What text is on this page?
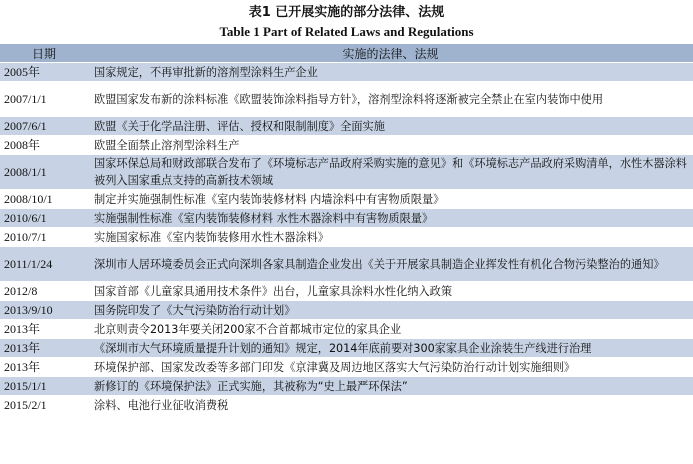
表1 已开展实施的部分法律、法规
Table 1 Part of Related Laws and Regulations
日期	实施的法律、法规
2005年	国家规定，不再审批新的溶剂型涂料生产企业
2007/1/1	欧盟国家发布新的涂料标准《欧盟装饰涂料指导方针》，溶剂型涂料将逐渐被完全禁止在室内装饰中使用
2007/6/1	欧盟《关于化学品注册、评估、授权和限制制度》全面实施
2008年	欧盟全面禁止溶剂型涂料生产
2008/1/1	国家环保总局和财政部联合发布了《环境标志产品政府采购实施的意见》和《环境标志产品政府采购清单，水性木器涂料被列入国家重点支持的高新技术领域
2008/10/1	制定并实施强制性标准《室内装饰装修材料 内墙涂料中有害物质限量》
2010/6/1	实施强制性标准《室内装饰装修材料 水性木器涂料中有害物质限量》
2010/7/1	实施国家标准《室内装饰装修用水性木器涂料》
2011/1/24	深圳市人居环境委员会正式向深圳各家具制造企业发出《关于开展家具制造企业挥发性有机化合物污染整治的通知》
2012/8	国家首部《儿童家具通用技术条件》出台，儿童家具涂料水性化纳入政策
2013/9/10	国务院印发了《大气污染防治行动计划》
2013年	北京则责令2013年要关闭200家不合首都城市定位的家具企业
2013年	《深圳市大气环境质量提升计划的通知》规定，2014年底前要对300家家具企业涂装生产线进行治理
2013年	环境保护部、国家发改委等多部门印发《京津冀及周边地区落实大气污染防治行动计划实施细则》
2015/1/1	新修订的《环境保护法》正式实施，其被称为“史上最严环保法”
2015/2/1	涂料、电池行业征收消费税
